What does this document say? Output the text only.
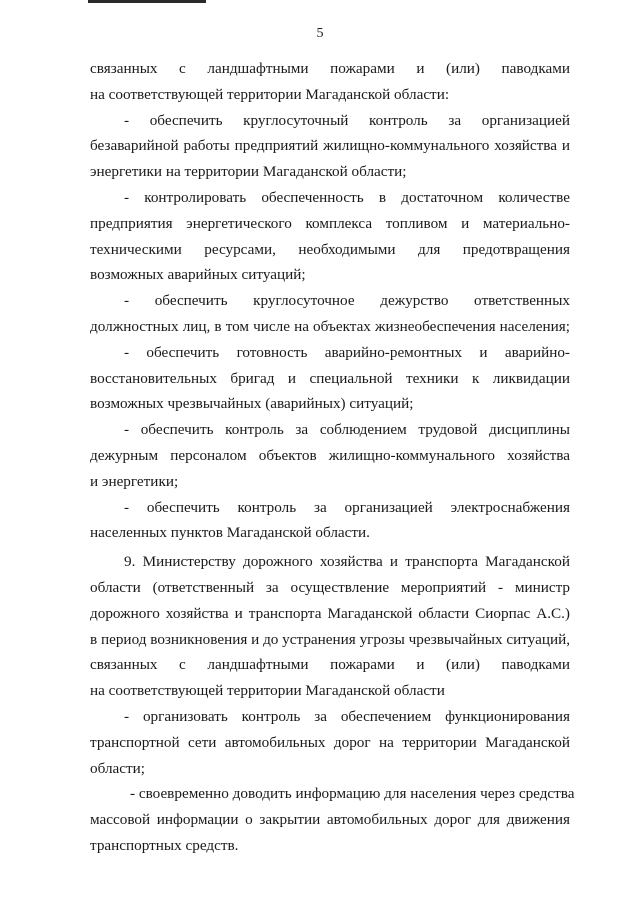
5
связанных с ландшафтными пожарами и (или) паводками
на соответствующей территории Магаданской области:
- обеспечить круглосуточный контроль за организацией
безаварийной работы предприятий жилищно-коммунального хозяйства и
энергетики на территории Магаданской области;
- контролировать обеспеченность в достаточном количестве
предприятия энергетического комплекса топливом и материально-
техническими ресурсами, необходимыми для предотвращения
возможных аварийных ситуаций;
- обеспечить круглосуточное дежурство ответственных
должностных лиц, в том числе на объектах жизнеобеспечения населения;
- обеспечить готовность аварийно-ремонтных и аварийно-
восстановительных бригад и специальной техники к ликвидации
возможных чрезвычайных (аварийных) ситуаций;
- обеспечить контроль за соблюдением трудовой дисциплины
дежурным персоналом объектов жилищно-коммунального хозяйства
и энергетики;
- обеспечить контроль за организацией электроснабжения
населенных пунктов Магаданской области.
9. Министерству дорожного хозяйства и транспорта Магаданской
области (ответственный за осуществление мероприятий - министр
дорожного хозяйства и транспорта Магаданской области Сиорпас А.С.)
в период возникновения и до устранения угрозы чрезвычайных ситуаций,
связанных с ландшафтными пожарами и (или) паводками
на соответствующей территории Магаданской области
- организовать контроль за обеспечением функционирования
транспортной сети автомобильных дорог на территории Магаданской
области;
- своевременно доводить информацию для населения через средства
массовой информации о закрытии автомобильных дорог для движения
транспортных средств.
